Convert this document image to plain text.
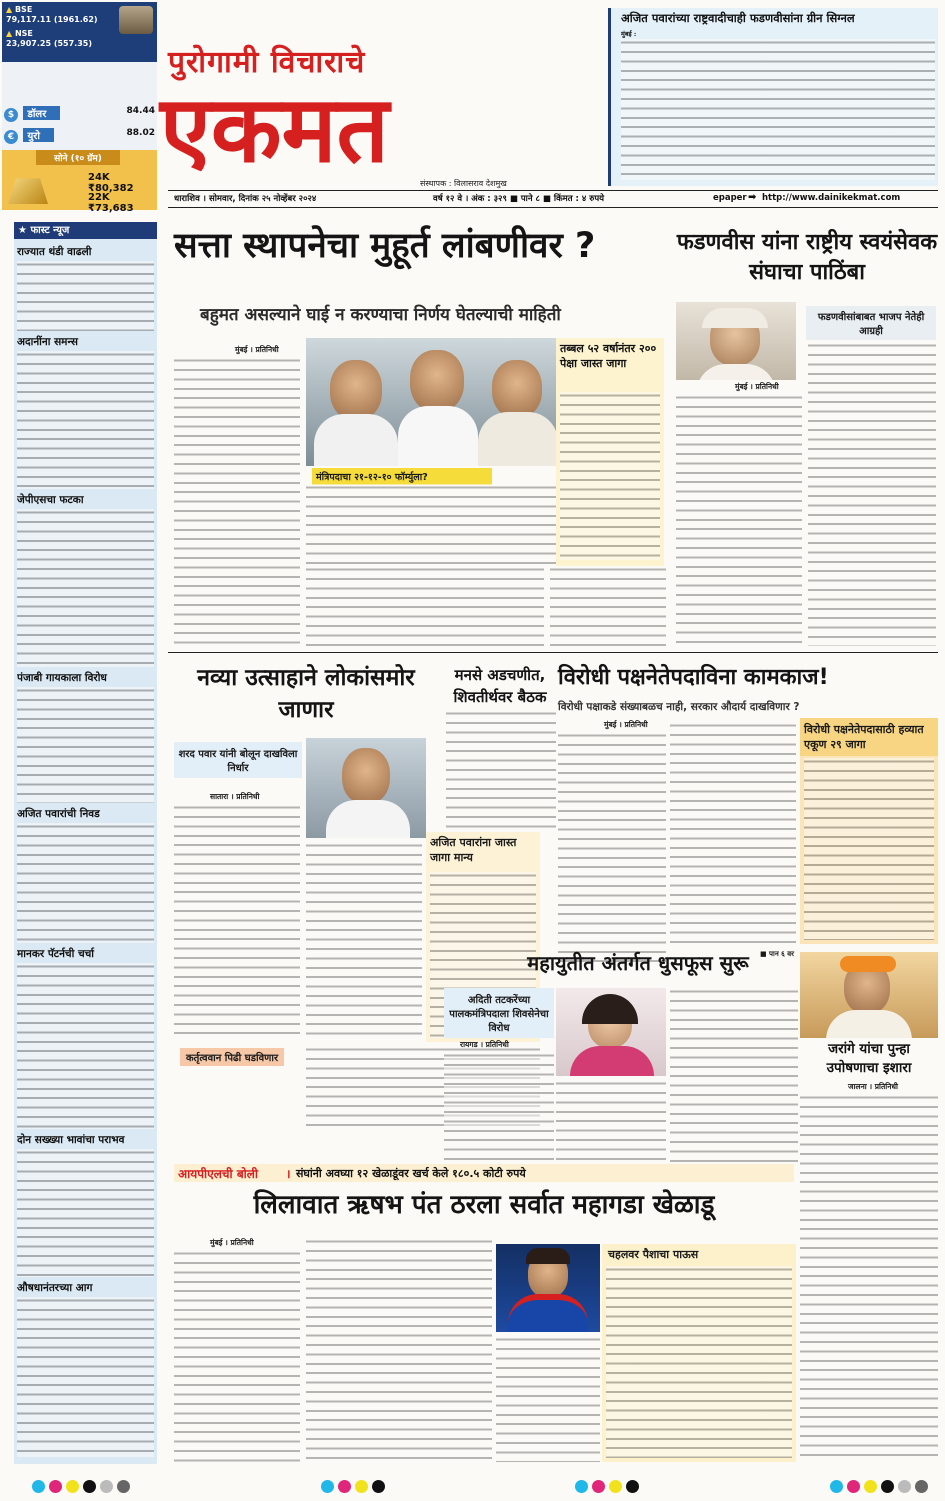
▲ BSE
79,117.11 (1961.62)
▲ NSE
23,907.25 (557.35)
$ डॉलर	84.44
€ युरो	88.02
सोने (१० ग्रॅम)
24K ₹80,382
22K ₹73,683
पुरोगामी विचाराचे
एकमत
संस्थापक : विलासराव देशमुख
धाराशिव । सोमवार, दिनांक २५ नोव्हेंबर २०२४	वर्ष १२ वे । अंक : ३२९ ■ पाने ८ ■ किंमत : ४ रुपये	epaper ➡ http://www.dainikekmat.com
अजित पवारांच्या राष्ट्रवादीचाही फडणवीसांना ग्रीन सिग्नल
मुंबई :
★ फास्ट न्यूज
राज्यात थंडी वाढली
अदानींना समन्स
जेपीएसचा फटका
पंजाबी गायकाला विरोध
अजित पवारांची निवड
मानकर पॅटर्नची चर्चा
दोन सख्ख्या भावांचा पराभव
औषधानंतरच्या आग
सत्ता स्थापनेचा मुहूर्त लांबणीवर ?
बहुमत असल्याने घाई न करण्याचा निर्णय घेतल्याची माहिती
मुंबई । प्रतिनिधी
मंत्रिपदाचा २१-१२-१० फॉर्म्युला?
तब्बल ५२ वर्षानंतर २०० पेक्षा जास्त जागा
फडणवीस यांना राष्ट्रीय स्वयंसेवक संघाचा पाठिंबा
मुंबई । प्रतिनिधी
फडणवीसांबाबत भाजप नेतेही आग्रही
नव्या उत्साहाने लोकांसमोर जाणार
शरद पवार यांनी बोलून दाखविला निर्धार
सातारा । प्रतिनिधी
अजित पवारांना जास्त जागा मान्य
कर्तृत्ववान पिढी घडविणार
मनसे अडचणीत, शिवतीर्थवर बैठक
विरोधी पक्षनेतेपदाविना कामकाज!
विरोधी पक्षाकडे संख्याबळच नाही, सरकार औदार्य दाखविणार ?
मुंबई । प्रतिनिधी
■ पान ६ वर
विरोधी पक्षनेतेपदासाठी हव्यात एकूण २९ जागा
महायुतीत अंतर्गत धुसफूस सुरू
अदिती तटकरेंच्या पालकमंत्रिपदाला शिवसेनेचा विरोध
रायगड । प्रतिनिधी	जरांगे यांचा पुन्हा उपोषणाचा इशारा
जालना । प्रतिनिधी
आयपीएलची बोली । संघांनी अवघ्या १२ खेळाडूंवर खर्च केले १८०.५ कोटी रुपये
लिलावात ऋषभ पंत ठरला सर्वात महागडा खेळाडू
मुंबई । प्रतिनिधी
चहलवर पैशाचा पाऊस
